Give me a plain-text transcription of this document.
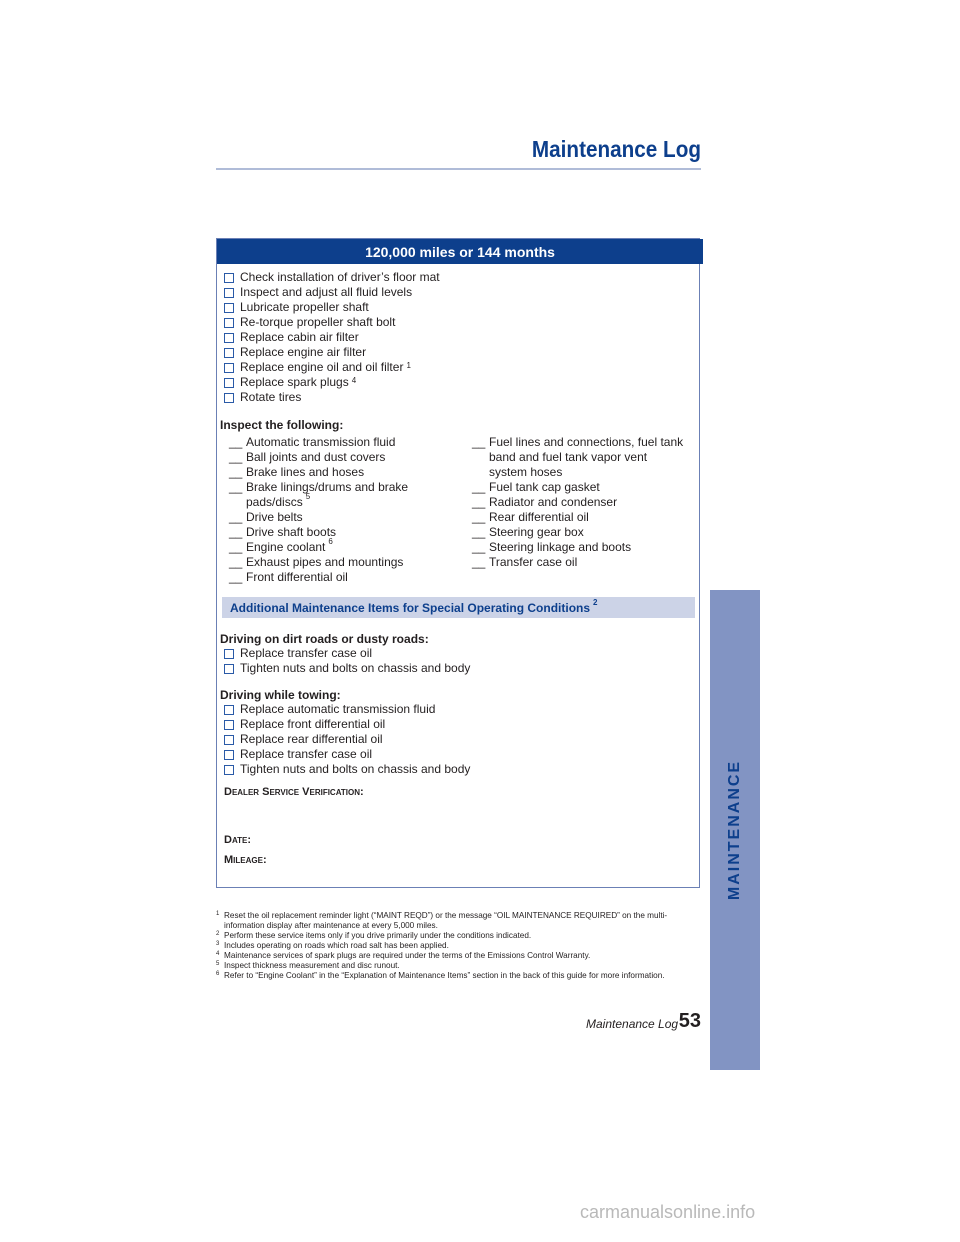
Maintenance Log
120,000 miles or 144 months
Check installation of driver’s floor mat
Inspect and adjust all fluid levels
Lubricate propeller shaft
Re-torque propeller shaft bolt
Replace cabin air filter
Replace engine air filter
Replace engine oil and oil filter $^1$
Replace spark plugs $^4$
Rotate tires
Inspect the following:
__ Automatic transmission fluid
__ Ball joints and dust covers
__ Brake lines and hoses
__ Brake linings/drums and brake pads/discs $^5$
__ Drive belts
__ Drive shaft boots
__ Engine coolant $^6$
__ Exhaust pipes and mountings
__ Front differential oil
__ Fuel lines and connections, fuel tank band and fuel tank vapor vent system hoses
__ Fuel tank cap gasket
__ Radiator and condenser
__ Rear differential oil
__ Steering gear box
__ Steering linkage and boots
__ Transfer case oil
Additional Maintenance Items for Special Operating Conditions $^2$
Driving on dirt roads or dusty roads:
Replace transfer case oil
Tighten nuts and bolts on chassis and body
Driving while towing:
Replace automatic transmission fluid
Replace front differential oil
Replace rear differential oil
Replace transfer case oil
Tighten nuts and bolts on chassis and body
Dealer Service Verification:
Date:
Mileage:
1 Reset the oil replacement reminder light (“MAINT REQD”) or the message “OIL MAINTENANCE REQUIRED” on the multi-information display after maintenance at every 5,000 miles.
2 Perform these service items only if you drive primarily under the conditions indicated.
3 Includes operating on roads which road salt has been applied.
4 Maintenance services of spark plugs are required under the terms of the Emissions Control Warranty.
5 Inspect thickness measurement and disc runout.
6 Refer to “Engine Coolant” in the “Explanation of Maintenance Items” section in the back of this guide for more information.
Maintenance Log 53
MAINTENANCE
carmanualsonline.info
